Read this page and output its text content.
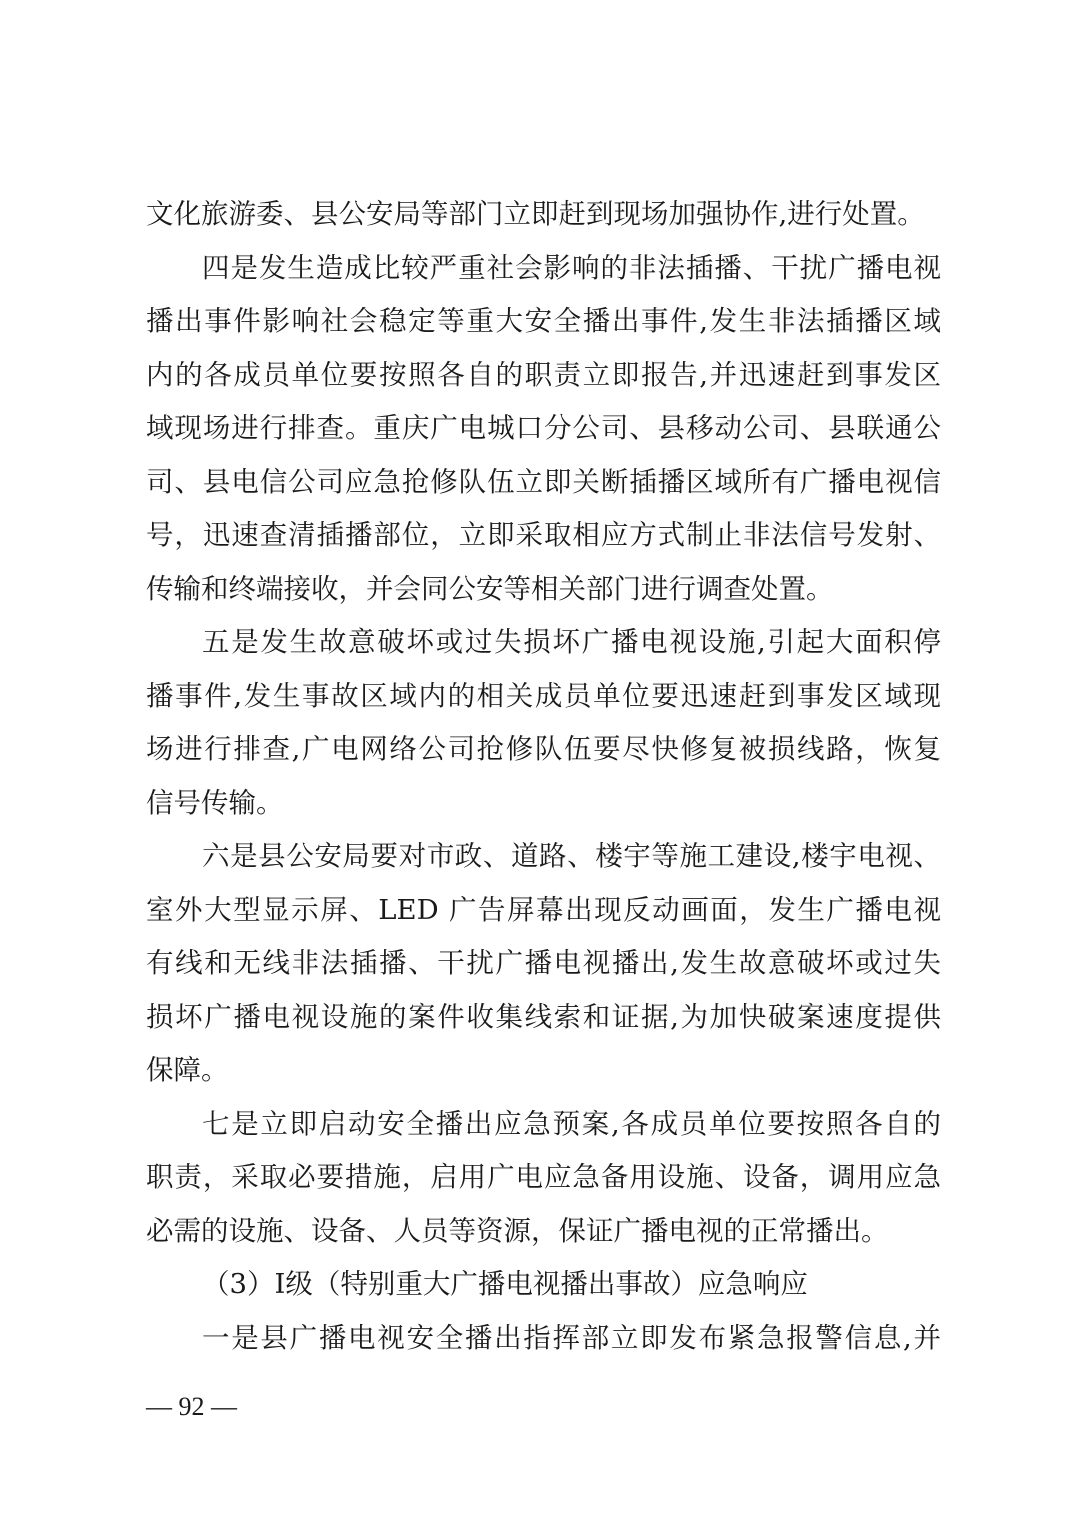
文化旅游委、县公安局等部门立即赶到现场加强协作,进行处置。
四是发生造成比较严重社会影响的非法插播、干扰广播电视
播出事件影响社会稳定等重大安全播出事件,发生非法插播区域
内的各成员单位要按照各自的职责立即报告,并迅速赶到事发区
域现场进行排查。重庆广电城口分公司、县移动公司、县联通公
司、县电信公司应急抢修队伍立即关断插播区域所有广播电视信
号，迅速查清插播部位，立即采取相应方式制止非法信号发射、
传输和终端接收，并会同公安等相关部门进行调查处置。
五是发生故意破坏或过失损坏广播电视设施,引起大面积停
播事件,发生事故区域内的相关成员单位要迅速赶到事发区域现
场进行排查,广电网络公司抢修队伍要尽快修复被损线路，恢复
信号传输。
六是县公安局要对市政、道路、楼宇等施工建设,楼宇电视、
室外大型显示屏、LED 广告屏幕出现反动画面，发生广播电视
有线和无线非法插播、干扰广播电视播出,发生故意破坏或过失
损坏广播电视设施的案件收集线索和证据,为加快破案速度提供
保障。
七是立即启动安全播出应急预案,各成员单位要按照各自的
职责，采取必要措施，启用广电应急备用设施、设备，调用应急
必需的设施、设备、人员等资源，保证广播电视的正常播出。
（3）I级（特别重大广播电视播出事故）应急响应
一是县广播电视安全播出指挥部立即发布紧急报警信息,并
— 92 —
